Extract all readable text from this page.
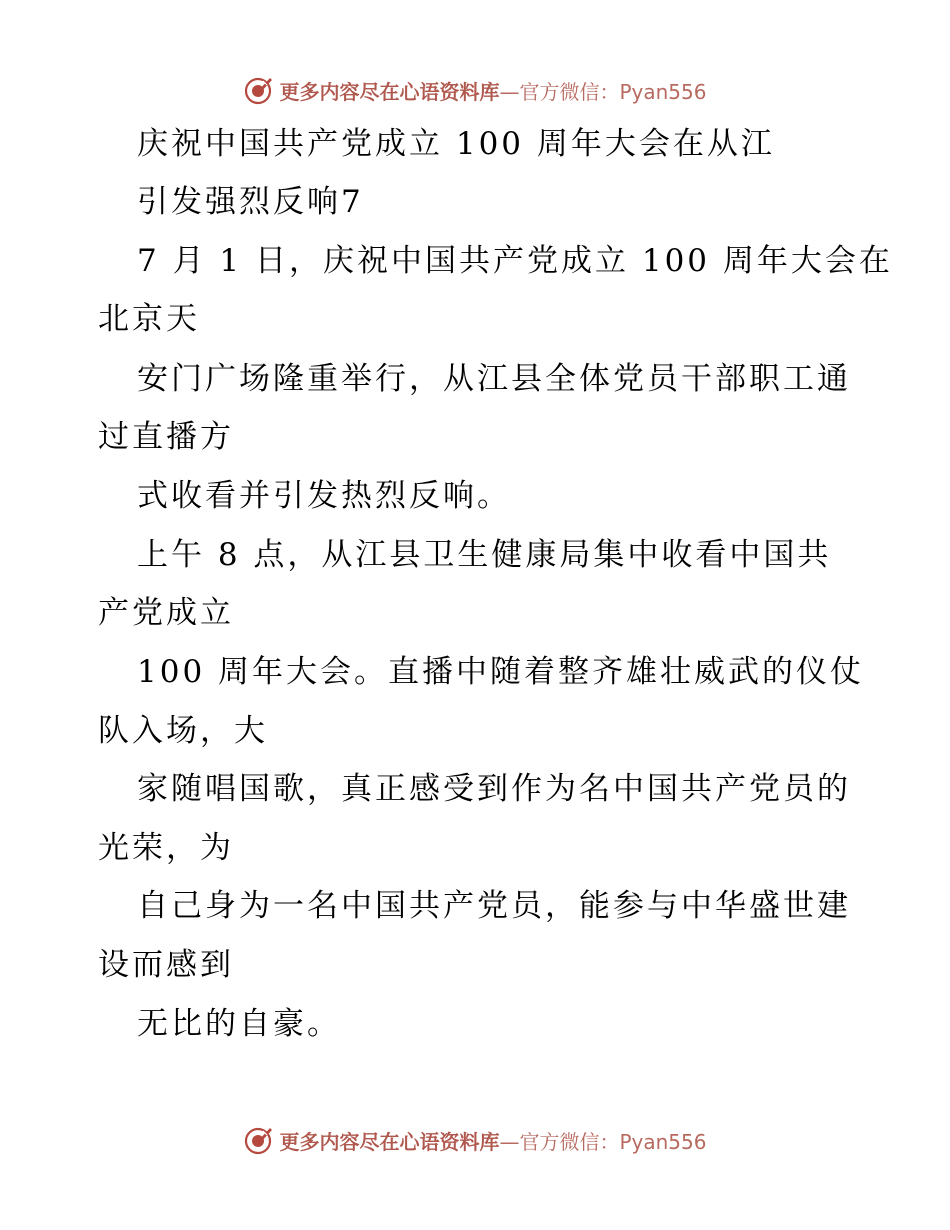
更多内容尽在心语资料库—官方微信：Pyan556
庆祝中国共产党成立 100 周年大会在从江
引发强烈反响7
7 月 1 日，庆祝中国共产党成立 100 周年大会在
北京天
安门广场隆重举行，从江县全体党员干部职工通
过直播方
式收看并引发热烈反响。
上午 8 点，从江县卫生健康局集中收看中国共
产党成立
100 周年大会。直播中随着整齐雄壮威武的仪仗
队入场，大
家随唱国歌，真正感受到作为名中国共产党员的
光荣，为
自己身为一名中国共产党员，能参与中华盛世建
设而感到
无比的自豪。
更多内容尽在心语资料库—官方微信：Pyan556
